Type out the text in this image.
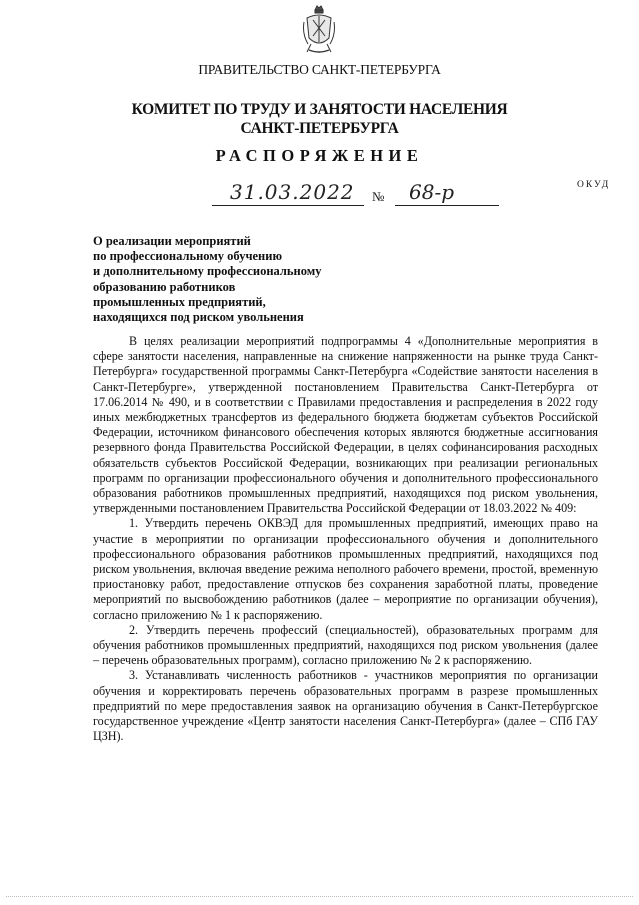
ПРАВИТЕЛЬСТВО САНКТ-ПЕТЕРБУРГА
КОМИТЕТ ПО ТРУДУ И ЗАНЯТОСТИ НАСЕЛЕНИЯ
САНКТ-ПЕТЕРБУРГА
РАСПОРЯЖЕНИЕ
ОКУД
31.03.2022 № 68-р
О реализации мероприятий
по профессиональному обучению
и дополнительному профессиональному
образованию работников
промышленных предприятий,
находящихся под риском увольнения

В целях реализации мероприятий подпрограммы 4 «Дополнительные мероприятия в сфере занятости населения, направленные на снижение напряженности на рынке труда Санкт-Петербурга» государственной программы Санкт-Петербурга «Содействие занятости населения в Санкт-Петербурге», утвержденной постановлением Правительства Санкт-Петербурга от 17.06.2014 № 490, и в соответствии с Правилами предоставления и распределения в 2022 году иных межбюджетных трансфертов из федерального бюджета бюджетам субъектов Российской Федерации, источником финансового обеспечения которых являются бюджетные ассигнования резервного фонда Правительства Российской Федерации, в целях софинансирования расходных обязательств субъектов Российской Федерации, возникающих при реализации региональных программ по организации профессионального обучения и дополнительного профессионального образования работников промышленных предприятий, находящихся под риском увольнения, утвержденными постановлением Правительства Российской Федерации от 18.03.2022 № 409:

1. Утвердить перечень ОКВЭД для промышленных предприятий, имеющих право на участие в мероприятии по организации профессионального обучения и дополнительного профессионального образования работников промышленных предприятий, находящихся под риском увольнения, включая введение режима неполного рабочего времени, простой, временную приостановку работ, предоставление отпусков без сохранения заработной платы, проведение мероприятий по высвобождению работников (далее – мероприятие по организации обучения), согласно приложению № 1 к распоряжению.

2. Утвердить перечень профессий (специальностей), образовательных программ для обучения работников промышленных предприятий, находящихся под риском увольнения (далее – перечень образовательных программ), согласно приложению № 2 к распоряжению.

3. Устанавливать численность работников - участников мероприятия по организации обучения и корректировать перечень образовательных программ в разрезе промышленных предприятий по мере предоставления заявок на организацию обучения в Санкт-Петербургское государственное учреждение «Центр занятости населения Санкт-Петербурга» (далее – СПб ГАУ ЦЗН).
